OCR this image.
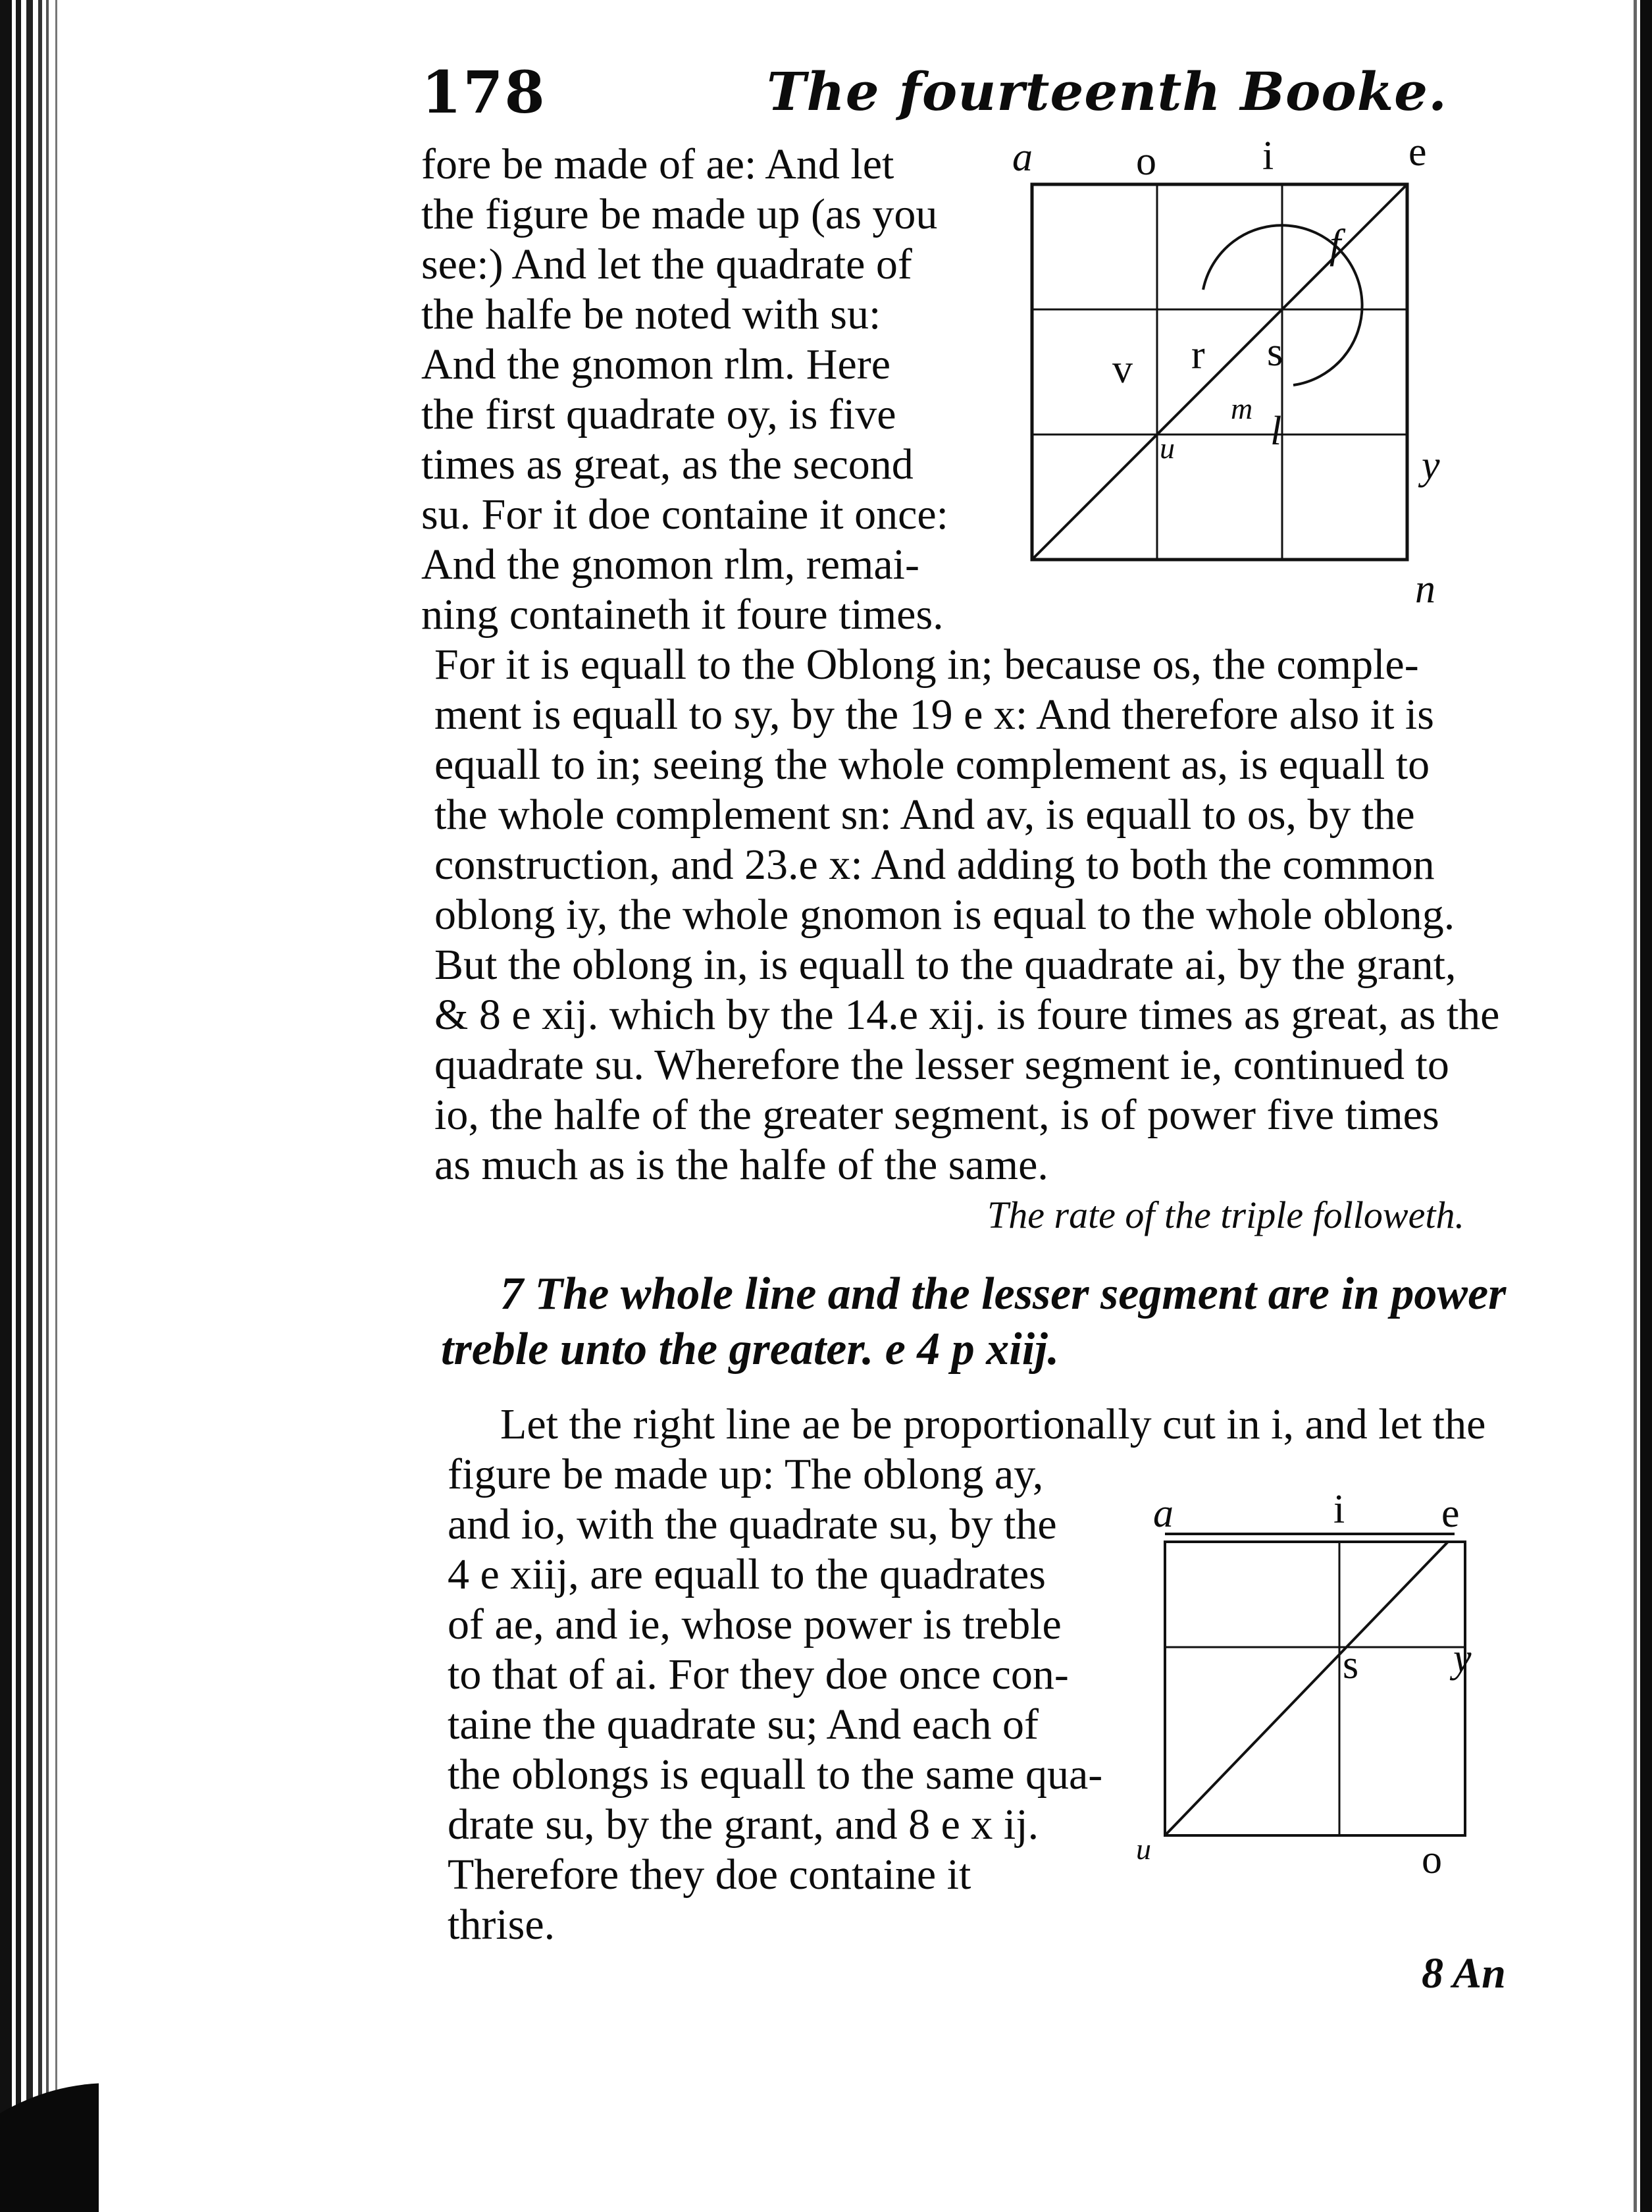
178	The fourteenth Booke.
fore be made of ae: And let
the figure be made up (as you
see:) And let the quadrate of
the halfe be noted with su:
And the gnomon rlm. Here
the first quadrate oy, is five
times as great, as the second
su. For it doe containe it once:
And the gnomon rlm, remai-
ning containeth it foure times.
a	o	i	e
f
v r s
m
u l
y
n
For it is equall to the Oblong in; because os, the comple-
ment is equall to sy, by the 19 e x: And therefore also it is
equall to in; seeing the whole complement as, is equall to
the whole complement sn: And av, is equall to os, by the
construction, and 23.e x: And adding to both the common
oblong iy, the whole gnomon is equal to the whole oblong.
But the oblong in, is equall to the quadrate ai, by the grant,
& 8 e xij. which by the 14.e xij. is foure times as great, as the
quadrate su. Wherefore the lesser segment ie, continued to
io, the halfe of the greater segment, is of power five times
as much as is the halfe of the same.
The rate of the triple followeth.
7 The whole line and the lesser segment are in power
treble unto the greater. e 4 p xiij.
Let the right line ae be proportionally cut in i, and let the
figure be made up: The oblong ay,
and io, with the quadrate su, by the
4 e xiij, are equall to the quadrates
of ae, and ie, whose power is treble
to that of ai. For they doe once con-
taine the quadrate su; And each of
the oblongs is equall to the same qua-
drate su, by the grant, and 8 e x ij.
Therefore they doe containe it
thrise.
a	i e
s y
u	o
8 An
